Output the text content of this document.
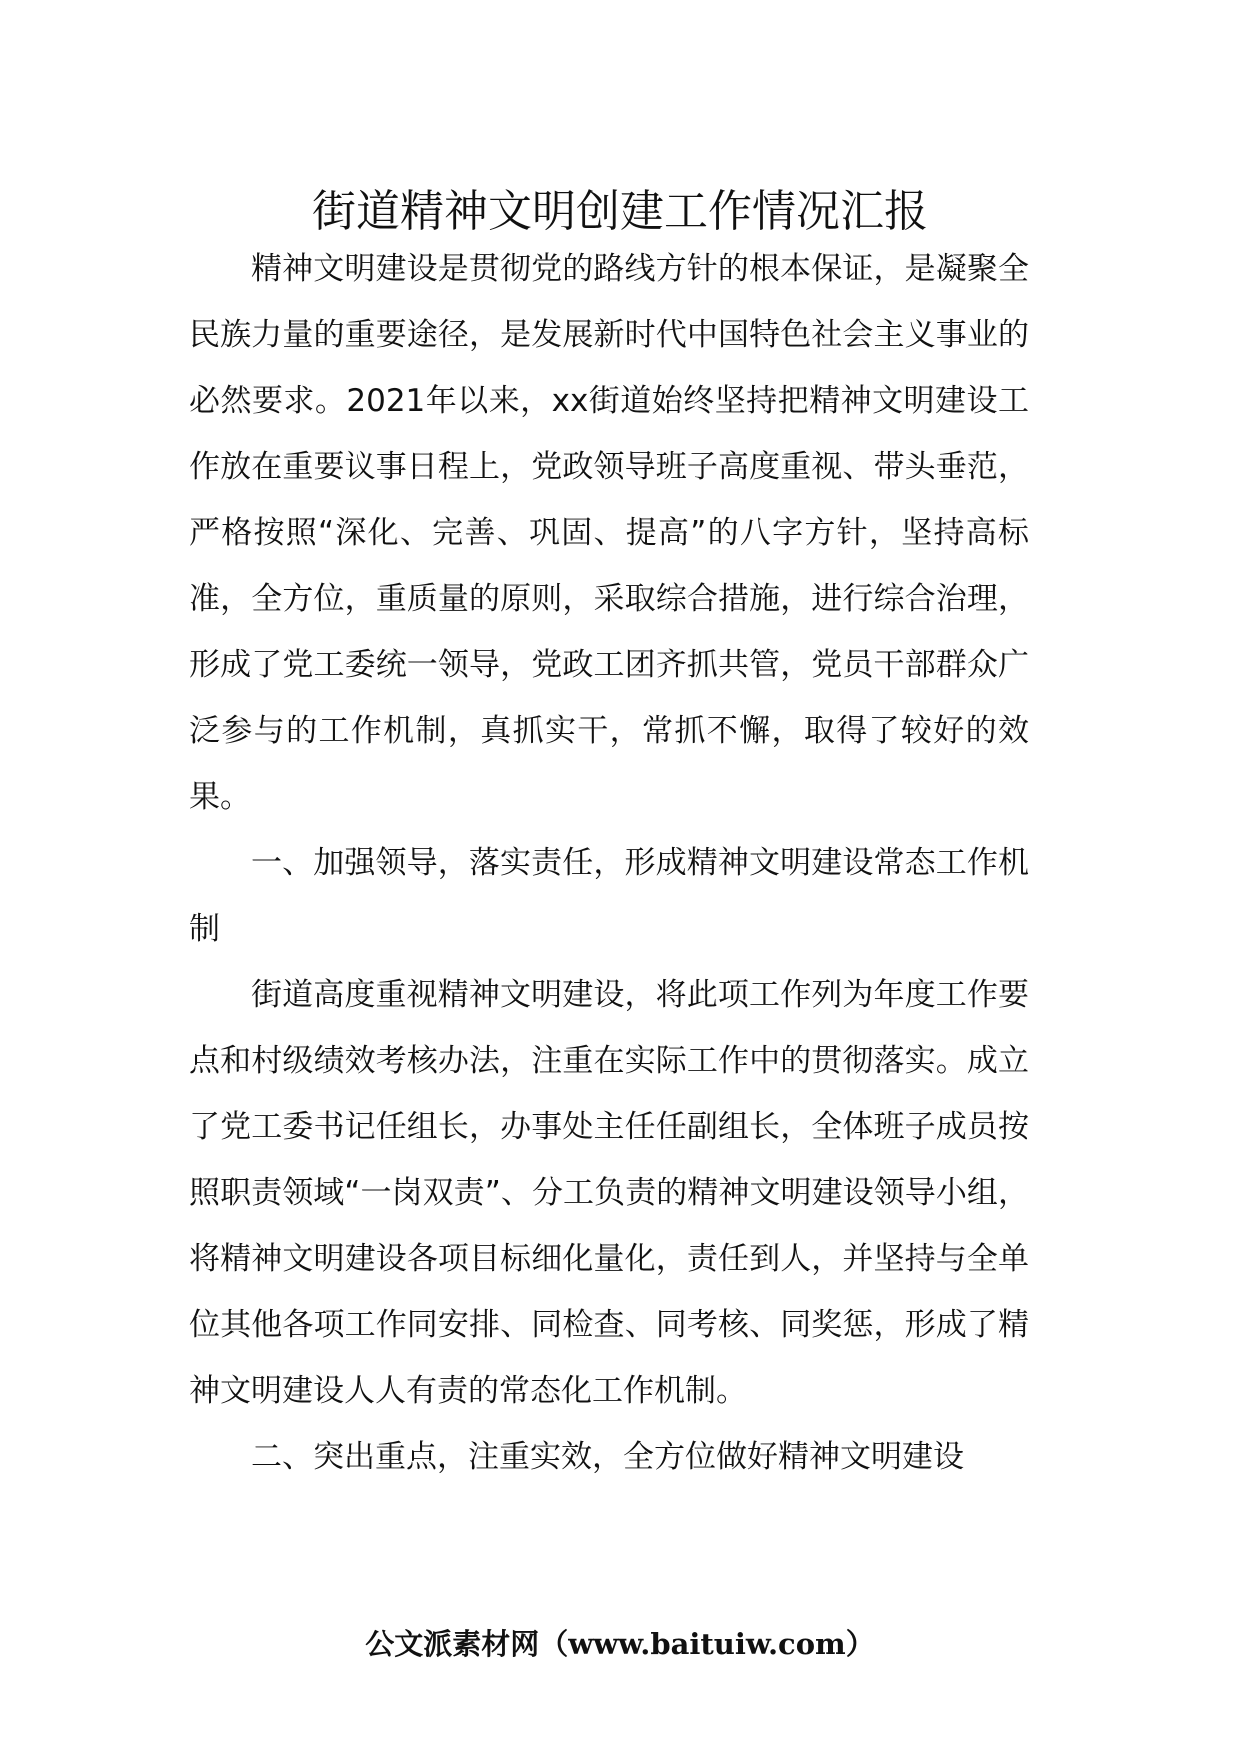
街道精神文明创建工作情况汇报

精神文明建设是贯彻党的路线方针的根本保证，是凝聚全民族力量的重要途径，是发展新时代中国特色社会主义事业的必然要求。2021年以来，xx街道始终坚持把精神文明建设工作放在重要议事日程上，党政领导班子高度重视、带头垂范，严格按照“深化、完善、巩固、提高”的八字方针，坚持高标准，全方位，重质量的原则，采取综合措施，进行综合治理，形成了党工委统一领导，党政工团齐抓共管，党员干部群众广泛参与的工作机制，真抓实干，常抓不懈，取得了较好的效果。

一、加强领导，落实责任，形成精神文明建设常态工作机制

街道高度重视精神文明建设，将此项工作列为年度工作要点和村级绩效考核办法，注重在实际工作中的贯彻落实。成立了党工委书记任组长，办事处主任任副组长，全体班子成员按照职责领域“一岗双责”、分工负责的精神文明建设领导小组，将精神文明建设各项目标细化量化，责任到人，并坚持与全单位其他各项工作同安排、同检查、同考核、同奖惩，形成了精神文明建设人人有责的常态化工作机制。

二、突出重点，注重实效，全方位做好精神文明建设

公文派素材网（www.baituiw.com）
